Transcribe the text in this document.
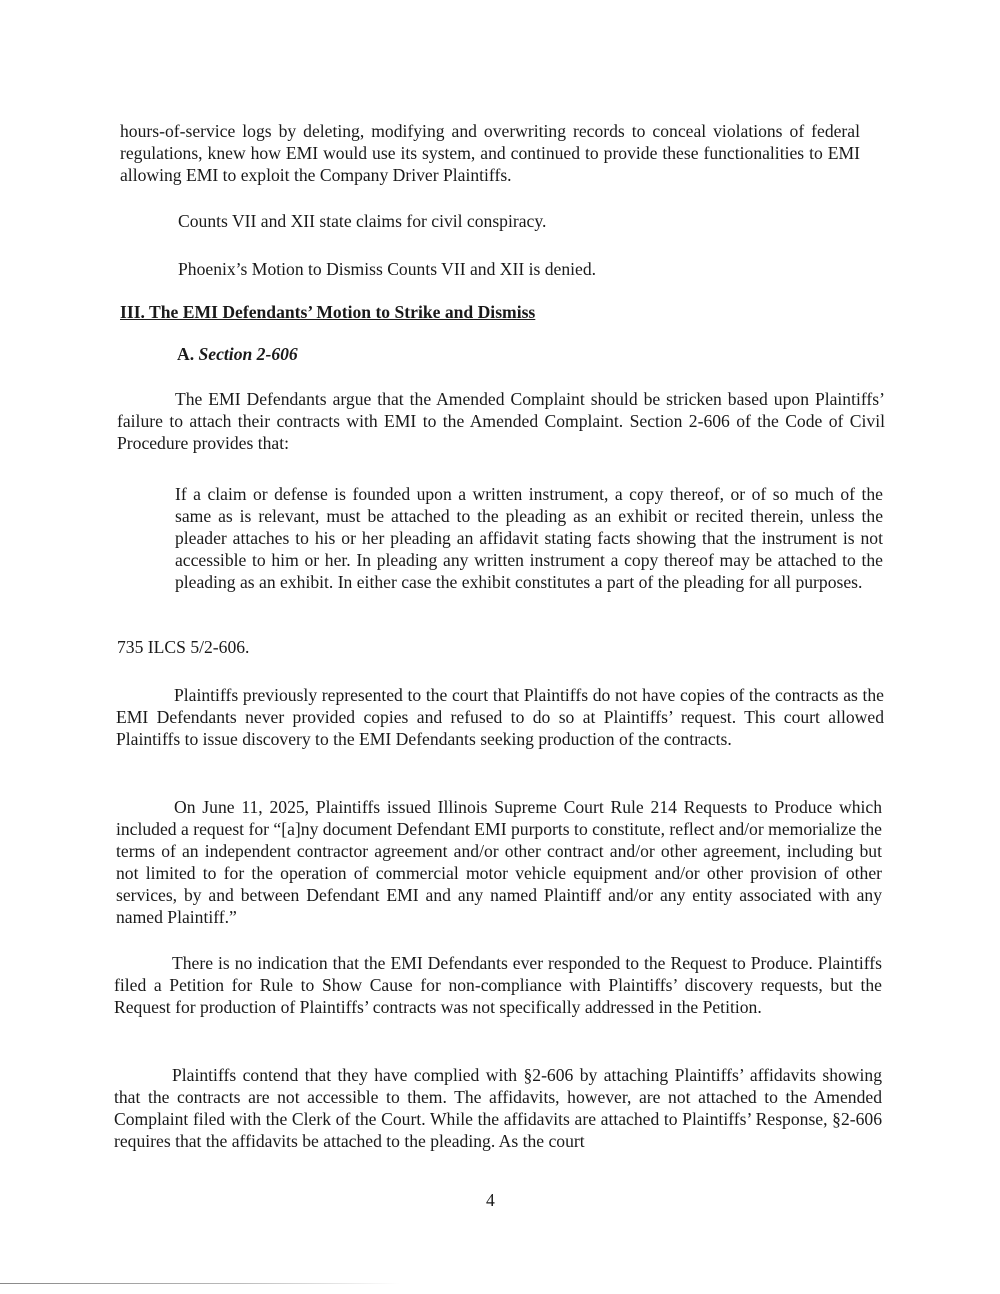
hours-of-service logs by deleting, modifying and overwriting records to conceal violations of federal regulations, knew how EMI would use its system, and continued to provide these functionalities to EMI allowing EMI to exploit the Company Driver Plaintiffs.

Counts VII and XII state claims for civil conspiracy.

Phoenix’s Motion to Dismiss Counts VII and XII is denied.

III. The EMI Defendants’ Motion to Strike and Dismiss

A. Section 2-606

The EMI Defendants argue that the Amended Complaint should be stricken based upon Plaintiffs’ failure to attach their contracts with EMI to the Amended Complaint. Section 2-606 of the Code of Civil Procedure provides that:

If a claim or defense is founded upon a written instrument, a copy thereof, or of so much of the same as is relevant, must be attached to the pleading as an exhibit or recited therein, unless the pleader attaches to his or her pleading an affidavit stating facts showing that the instrument is not accessible to him or her. In pleading any written instrument a copy thereof may be attached to the pleading as an exhibit. In either case the exhibit constitutes a part of the pleading for all purposes.

735 ILCS 5/2-606.

Plaintiffs previously represented to the court that Plaintiffs do not have copies of the contracts as the EMI Defendants never provided copies and refused to do so at Plaintiffs’ request. This court allowed Plaintiffs to issue discovery to the EMI Defendants seeking production of the contracts.

On June 11, 2025, Plaintiffs issued Illinois Supreme Court Rule 214 Requests to Produce which included a request for “[a]ny document Defendant EMI purports to constitute, reflect and/or memorialize the terms of an independent contractor agreement and/or other contract and/or other agreement, including but not limited to for the operation of commercial motor vehicle equipment and/or other provision of other services, by and between Defendant EMI and any named Plaintiff and/or any entity associated with any named Plaintiff.”

There is no indication that the EMI Defendants ever responded to the Request to Produce. Plaintiffs filed a Petition for Rule to Show Cause for non-compliance with Plaintiffs’ discovery requests, but the Request for production of Plaintiffs’ contracts was not specifically addressed in the Petition.

Plaintiffs contend that they have complied with §2-606 by attaching Plaintiffs’ affidavits showing that the contracts are not accessible to them. The affidavits, however, are not attached to the Amended Complaint filed with the Clerk of the Court. While the affidavits are attached to Plaintiffs’ Response, §2-606 requires that the affidavits be attached to the pleading. As the court

4
